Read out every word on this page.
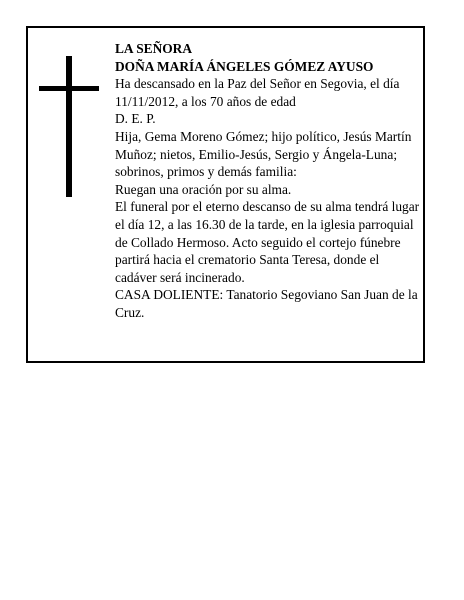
LA SEÑORA

DOÑA MARÍA ÁNGELES GÓMEZ AYUSO

Ha descansado en la Paz del Señor en Segovia, el día 11/11/2012, a los 70 años de edad

D. E. P.

Hija, Gema Moreno Gómez; hijo político, Jesús Martín Muñoz; nietos, Emilio-Jesús, Sergio y Ángela-Luna; sobrinos, primos y demás familia:

Ruegan una oración por su alma.

El funeral por el eterno descanso de su alma tendrá lugar el día 12, a las 16.30 de la tarde, en la iglesia parroquial de Collado Hermoso. Acto seguido el cortejo fúnebre partirá hacia el crematorio Santa Teresa, donde el cadáver será incinerado.

CASA DOLIENTE: Tanatorio Segoviano San Juan de la Cruz.
